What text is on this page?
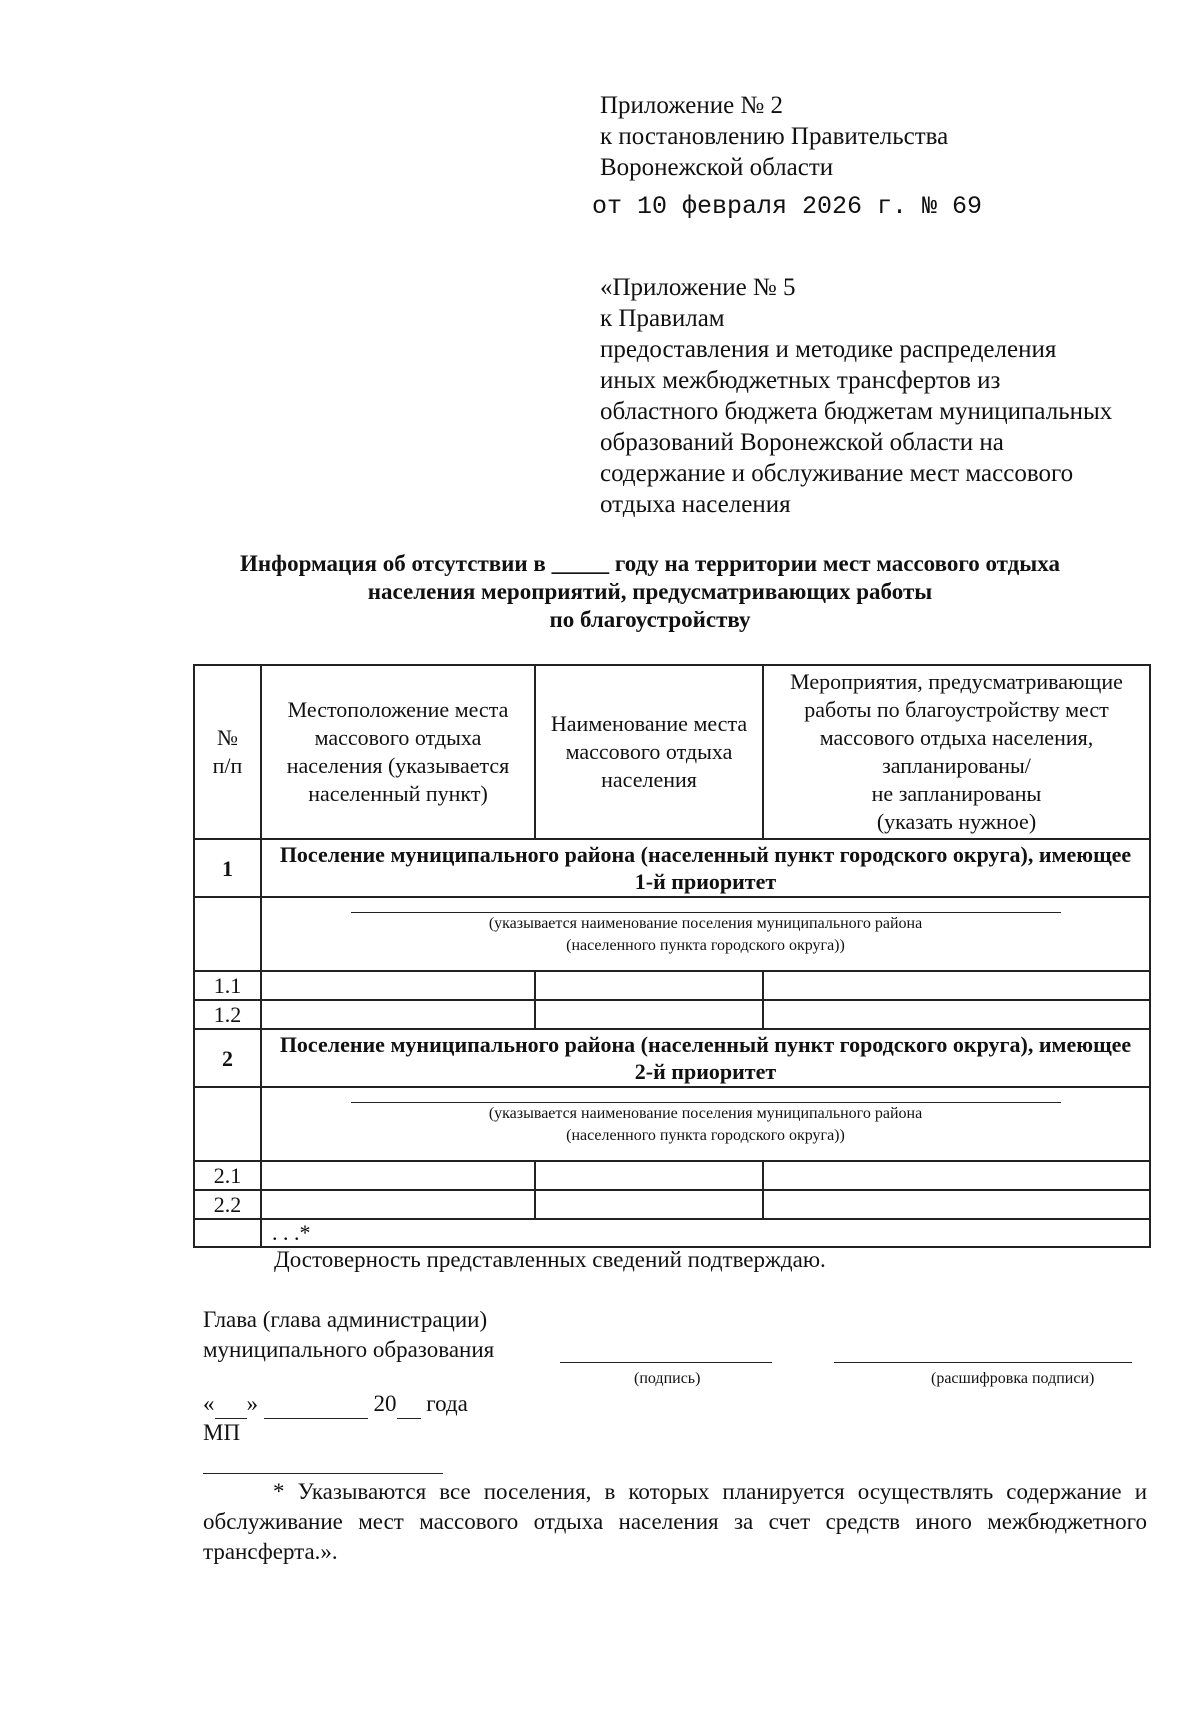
Приложение № 2
к постановлению Правительства
Воронежской области
от 10 февраля 2026 г. № 69
«Приложение № 5
к Правилам
предоставления и методике распределения
иных межбюджетных трансфертов из
областного бюджета бюджетам муниципальных
образований Воронежской области на
содержание и обслуживание мест массового
отдыха населения
Информация об отсутствии в _____ году на территории мест массового отдыха
населения мероприятий, предусматривающих работы
по благоустройству
№
п/п	Местоположение места массового отдыха населения (указывается населенный пункт)	Наименование места массового отдыха населения	Мероприятия, предусматривающие работы по благоустройству мест массового отдыха населения, запланированы/
не запланированы
(указать нужное)
1	Поселение муниципального района (населенный пункт городского округа), имеющее 1-й приоритет		

	(указывается наименование поселения муниципального района
(населенного пункта городского округа))		

1.1			
1.2			
2	Поселение муниципального района (населенный пункт городского округа), имеющее 2-й приоритет		

	(указывается наименование поселения муниципального района
(населенного пункта городского округа))		

2.1			
2.2			
	. . .*		
Достоверность представленных сведений подтверждаю.
Глава (глава администрации)
муниципального образования
(подпись)	(расшифровка подписи)
« »	20 года
МП
* Указываются все поселения, в которых планируется осуществлять содержание и обслуживание мест массового отдыха населения за счет средств иного межбюджетного трансферта.».
